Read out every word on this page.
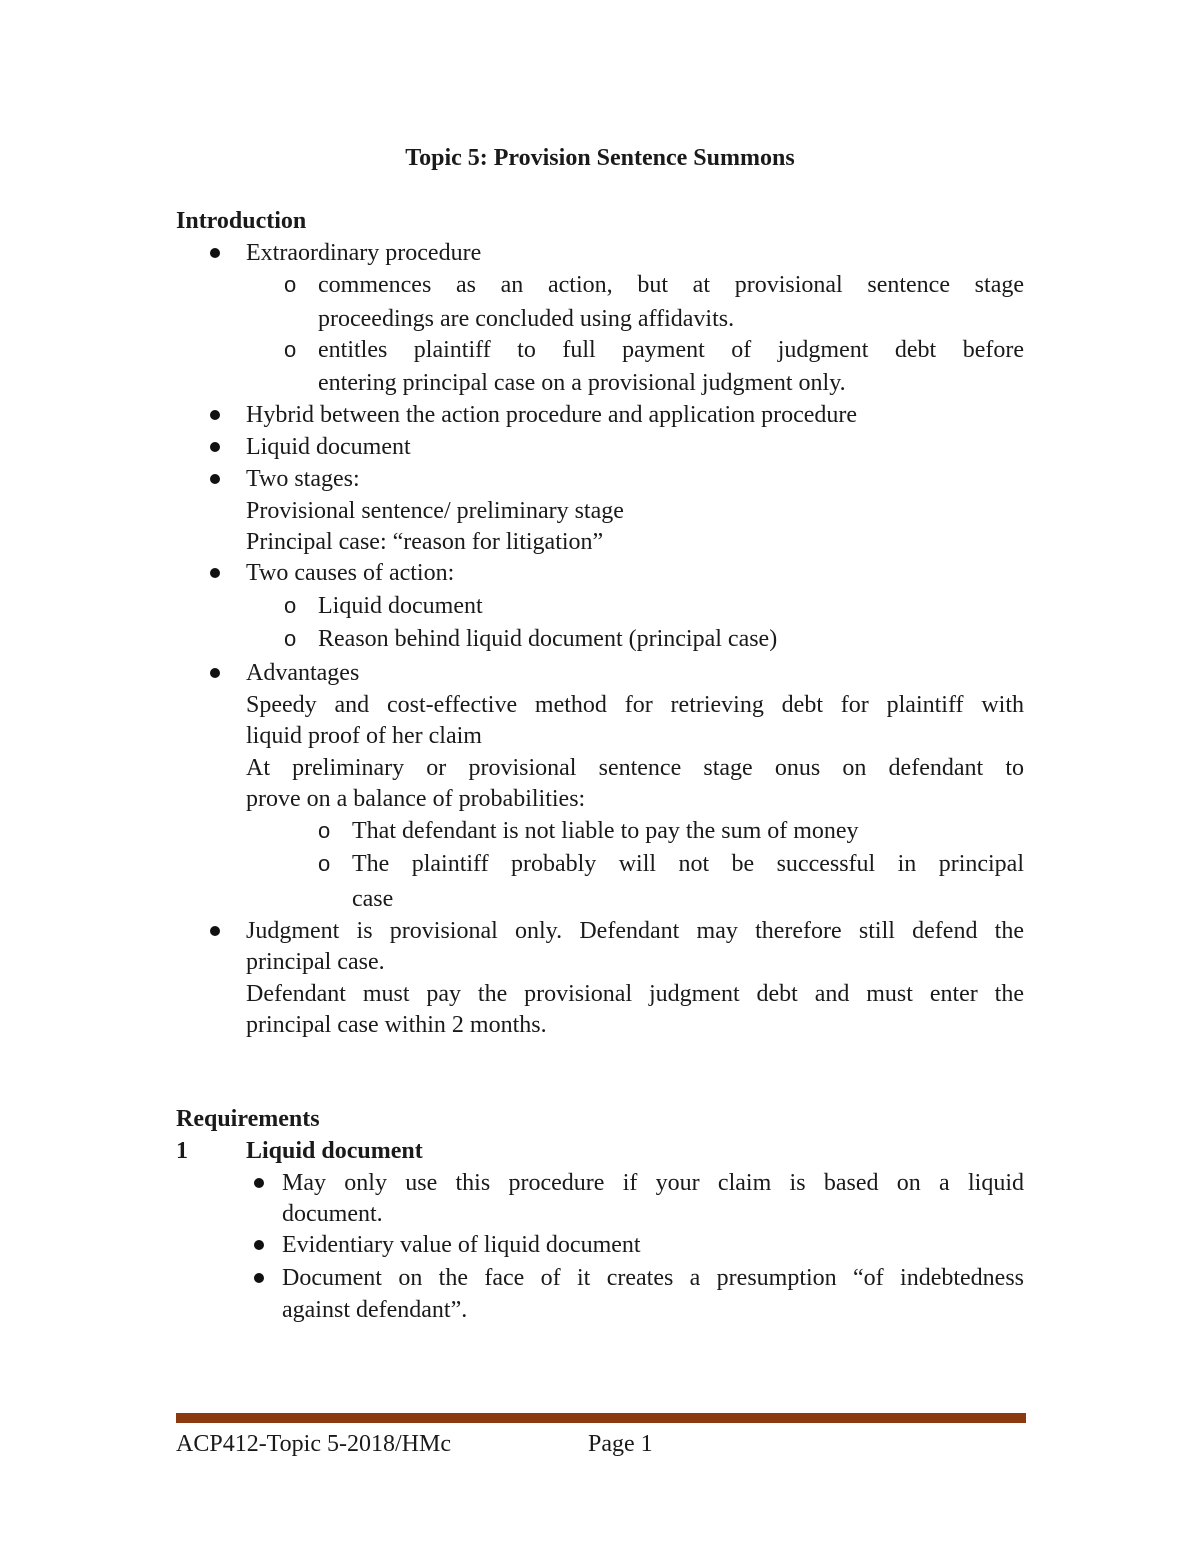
Topic 5: Provision Sentence Summons
Introduction
Extraordinary procedure
o commences as an action, but at provisional sentence stage
proceedings are concluded using affidavits.
o entitles plaintiff to full payment of judgment debt before
entering principal case on a provisional judgment only.
Hybrid between the action procedure and application procedure
Liquid document
Two stages:
Provisional sentence/ preliminary stage
Principal case: “reason for litigation”
Two causes of action:
o Liquid document
o Reason behind liquid document (principal case)
Advantages
Speedy and cost-effective method for retrieving debt for plaintiff with
liquid proof of her claim
At preliminary or provisional sentence stage onus on defendant to
prove on a balance of probabilities:
o That defendant is not liable to pay the sum of money
o The plaintiff probably will not be successful in principal
case
Judgment is provisional only. Defendant may therefore still defend the
principal case.
Defendant must pay the provisional judgment debt and must enter the
principal case within 2 months.
Requirements
1 Liquid document
May only use this procedure if your claim is based on a liquid
document.
Evidentiary value of liquid document
Document on the face of it creates a presumption “of indebtedness
against defendant”.
ACP412-Topic 5-2018/HMc	Page 1
